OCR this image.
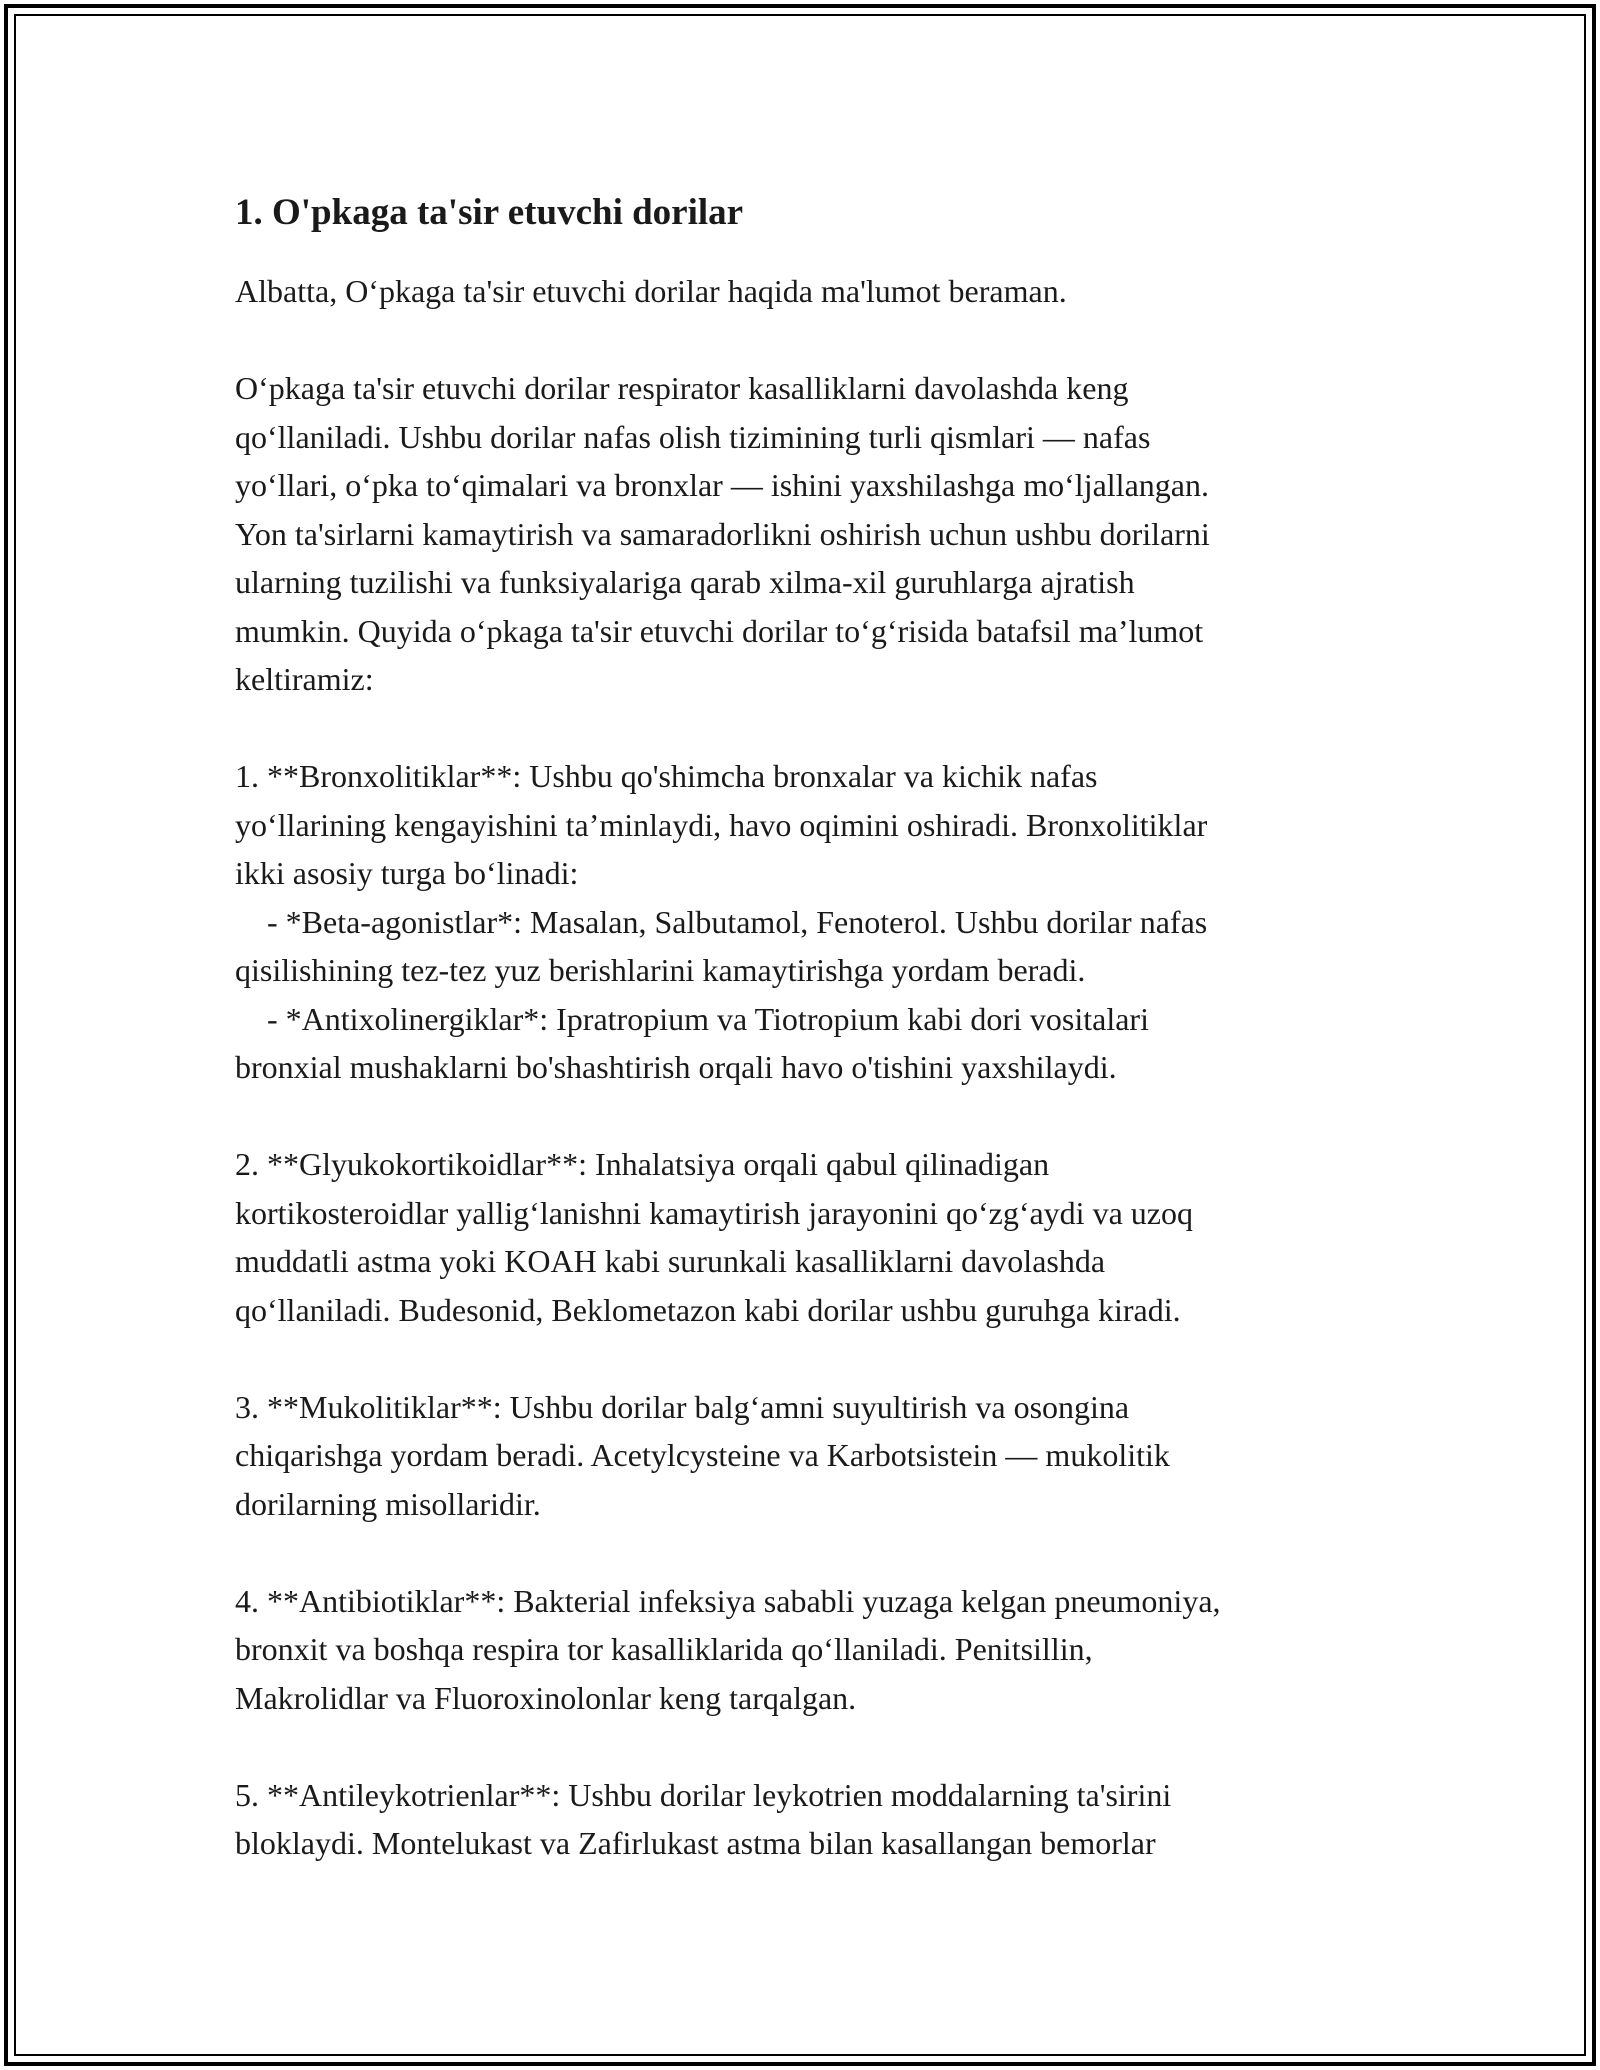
1. O'pkaga ta'sir etuvchi dorilar
Albatta, O‘pkaga ta'sir etuvchi dorilar haqida ma'lumot beraman.
O‘pkaga ta'sir etuvchi dorilar respirator kasalliklarni davolashda keng
qo‘llaniladi. Ushbu dorilar nafas olish tizimining turli qismlari — nafas
yo‘llari, o‘pka to‘qimalari va bronxlar — ishini yaxshilashga mo‘ljallangan.
Yon ta'sirlarni kamaytirish va samaradorlikni oshirish uchun ushbu dorilarni
ularning tuzilishi va funksiyalariga qarab xilma-xil guruhlarga ajratish
mumkin. Quyida o‘pkaga ta'sir etuvchi dorilar to‘g‘risida batafsil ma’lumot
keltiramiz:
1. **Bronxolitiklar**: Ushbu qo'shimcha bronxalar va kichik nafas
yo‘llarining kengayishini ta’minlaydi, havo oqimini oshiradi. Bronxolitiklar
ikki asosiy turga bo‘linadi:
- *Beta-agonistlar*: Masalan, Salbutamol, Fenoterol. Ushbu dorilar nafas
qisilishining tez-tez yuz berishlarini kamaytirishga yordam beradi.
- *Antixolinergiklar*: Ipratropium va Tiotropium kabi dori vositalari
bronxial mushaklarni bo'shashtirish orqali havo o'tishini yaxshilaydi.
2. **Glyukokortikoidlar**: Inhalatsiya orqali qabul qilinadigan
kortikosteroidlar yallig‘lanishni kamaytirish jarayonini qo‘zg‘aydi va uzoq
muddatli astma yoki KOAH kabi surunkali kasalliklarni davolashda
qo‘llaniladi. Budesonid, Beklometazon kabi dorilar ushbu guruhga kiradi.
3. **Mukolitiklar**: Ushbu dorilar balg‘amni suyultirish va osongina
chiqarishga yordam beradi. Acetylcysteine va Karbotsistein — mukolitik
dorilarning misollaridir.
4. **Antibiotiklar**: Bakterial infeksiya sababli yuzaga kelgan pneumoniya,
bronxit va boshqa respira tor kasalliklarida qo‘llaniladi. Penitsillin,
Makrolidlar va Fluoroxinolonlar keng tarqalgan.
5. **Antileykotrienlar**: Ushbu dorilar leykotrien moddalarning ta'sirini
bloklaydi. Montelukast va Zafirlukast astma bilan kasallangan bemorlar
